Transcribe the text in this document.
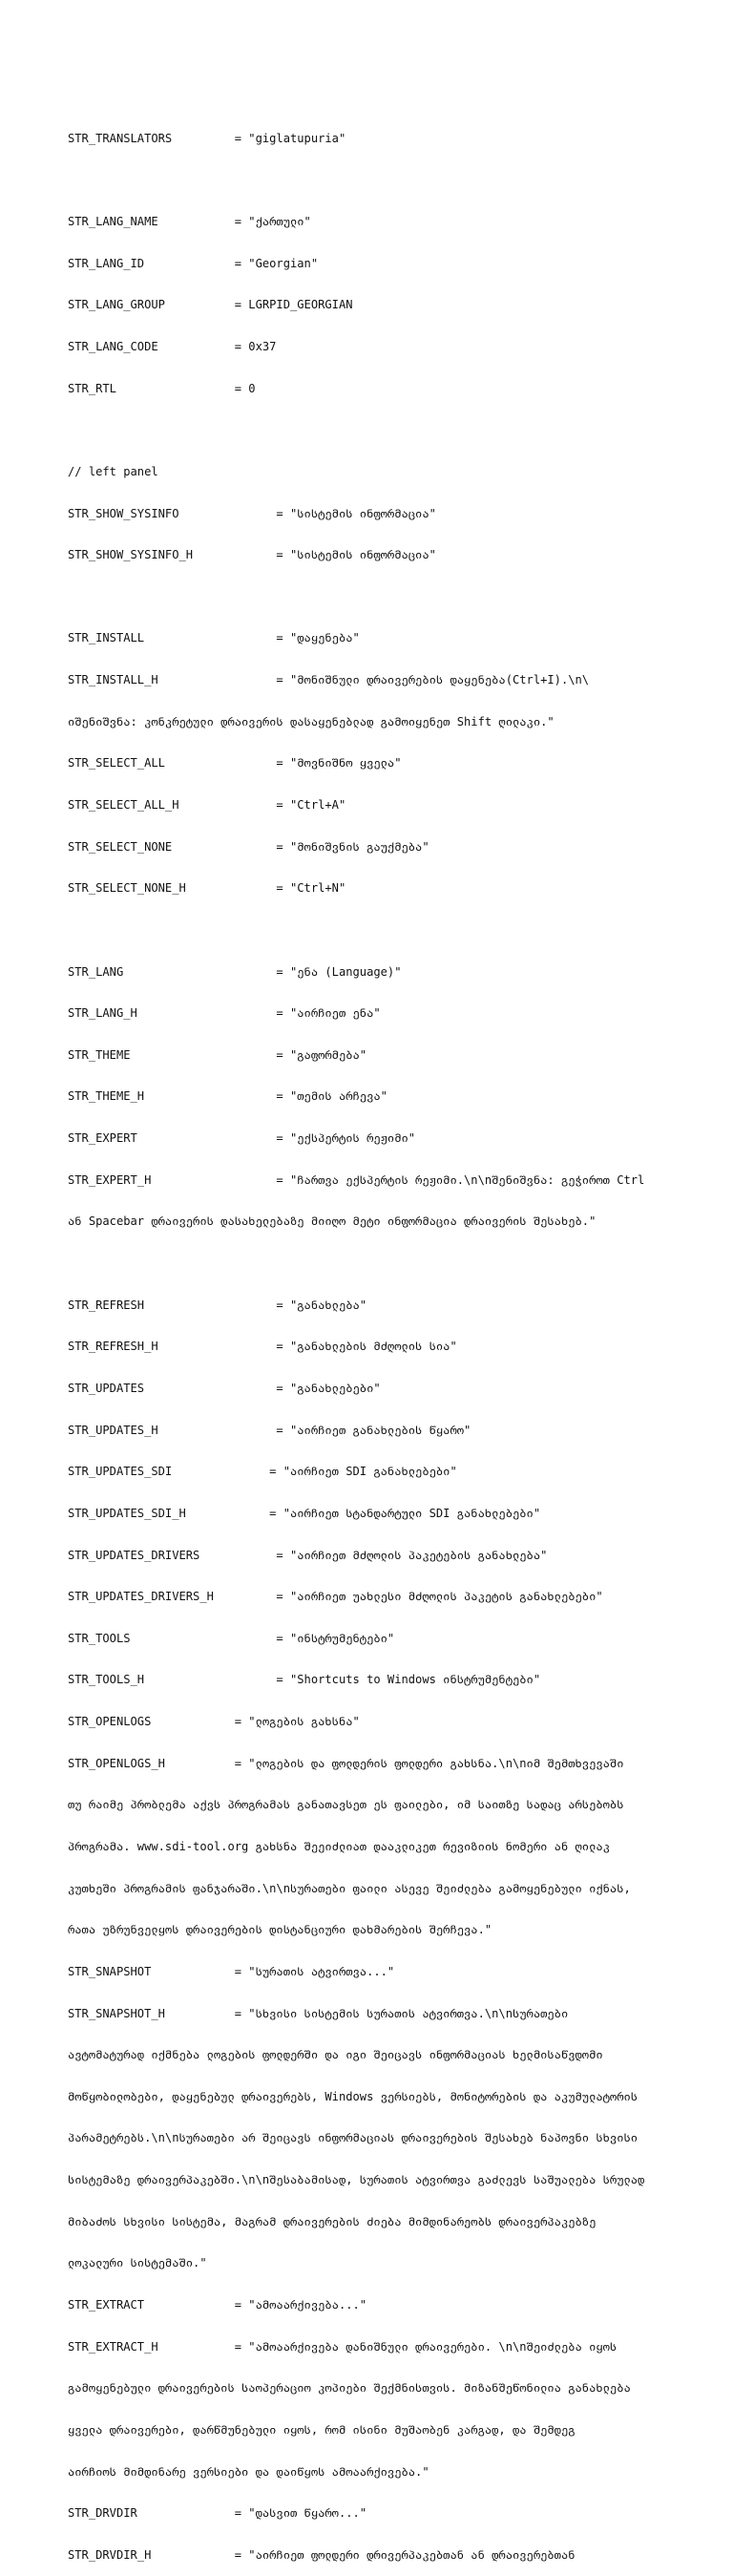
STR_TRANSLATORS         = "giglatupuria"

STR_LANG_NAME           = "ქართული"

STR_LANG_ID             = "Georgian"

STR_LANG_GROUP          = LGRPID_GEORGIAN

STR_LANG_CODE           = 0x37

STR_RTL                 = 0

// left panel

STR_SHOW_SYSINFO              = "სისტემის ინფორმაცია"

STR_SHOW_SYSINFO_H            = "სისტემის ინფორმაცია"

STR_INSTALL                   = "დაყენება"

STR_INSTALL_H                 = "მონიშნული დრაივერების დაყენება(Ctrl+I).\n\

იშენიშვნა: კონკრეტული დრაივერის დასაყენებლად გამოიყენეთ Shift ღილაკი."

STR_SELECT_ALL                = "მოვნიშნო ყველა"

STR_SELECT_ALL_H              = "Ctrl+A"

STR_SELECT_NONE               = "მონიშვნის გაუქმება"

STR_SELECT_NONE_H             = "Ctrl+N"

STR_LANG                      = "ენა (Language)"

STR_LANG_H                    = "აირჩიეთ ენა"

STR_THEME                     = "გაფორმება"

STR_THEME_H                   = "თემის არჩევა"

STR_EXPERT                    = "ექსპერტის რეჟიმი"

STR_EXPERT_H                  = "ჩართვა ექსპერტის რეჟიმი.\n\nშენიშვნა: გეჭიროთ Ctrl

ან Spacebar დრაივერის დასახელებაზე მიიღო მეტი ინფორმაცია დრაივერის შესახებ."

STR_REFRESH                   = "განახლება"

STR_REFRESH_H                 = "განახლების მძღოლის სია"

STR_UPDATES                   = "განახლებები"

STR_UPDATES_H                 = "აირჩიეთ განახლების წყარო"

STR_UPDATES_SDI              = "აირჩიეთ SDI განახლებები"

STR_UPDATES_SDI_H            = "აირჩიეთ სტანდარტული SDI განახლებები"

STR_UPDATES_DRIVERS           = "აირჩიეთ მძღოლის პაკეტების განახლება"

STR_UPDATES_DRIVERS_H         = "აირჩიეთ უახლესი მძღოლის პაკეტის განახლებები"

STR_TOOLS                     = "ინსტრუმენტები"

STR_TOOLS_H                   = "Shortcuts to Windows ინსტრუმენტები"

STR_OPENLOGS            = "ლოგების გახსნა"

STR_OPENLOGS_H          = "ლოგების და ფოლდერის ფოლდერი გახსნა.\n\nიმ შემთხვევაში

თუ რაიმე პრობლემა აქვს პროგრამას განათავსეთ ეს ფაილები, იმ საითზე სადაც არსებობს

პროგრამა. www.sdi-tool.org გახსნა შეეიძლიათ დააკლიკეთ რევიზიის ნომერი ან ღილაკ

კუთხეში პროგრამის ფანჯარაში.\n\nსურათები ფაილი ასევე შეიძლება გამოყენებული იქნას,

რათა უზრუნველყოს დრაივერების დისტანციური დახმარების შერჩევა."

STR_SNAPSHOT            = "სურათის ატვირთვა..."

STR_SNAPSHOT_H          = "სხვისი სისტემის სურათის ატვირთვა.\n\nსურათები

ავტომატურად იქმნება ლოგების ფოლდერში და იგი შეიცავს ინფორმაციას ხელმისაწვდომი

მოწყობილობები, დაყენებულ დრაივერებს, Windows ვერსიებს, მონიტორების და აკუმულატორის

პარამეტრებს.\n\nსურათები არ შეიცავს ინფორმაციას დრაივერების შესახებ ნაპოვნი სხვისი

სისტემაზე დრაივერპაკებში.\n\nშესაბამისად, სურათის ატვირთვა გაძლევს საშუალება სრულად

მიბაძოს სხვისი სისტემა, მაგრამ დრაივერების ძიება მიმდინარეობს დრაივერპაკებზე

ლოკალური სისტემაში."

STR_EXTRACT             = "ამოაარქივება..."

STR_EXTRACT_H           = "ამოაარქივება დანიშნული დრაივერები. \n\nშეიძლება იყოს

გამოყენებული დრაივერების საოპერაციო კოპიები შექმნისთვის. მიზანშეწონილია განახლება

ყველა დრაივერები, დარწმუნებული იყოს, რომ ისინი მუშაობენ კარგად, და შემდეგ

აირჩიოს მიმდინარე ვერსიები და დაიწყოს ამოაარქივება."

STR_DRVDIR              = "დასვით წყარო..."

STR_DRVDIR_H            = "აირჩიეთ ფოლდერი დრივერპაკებთან ან დრაივერებთან
